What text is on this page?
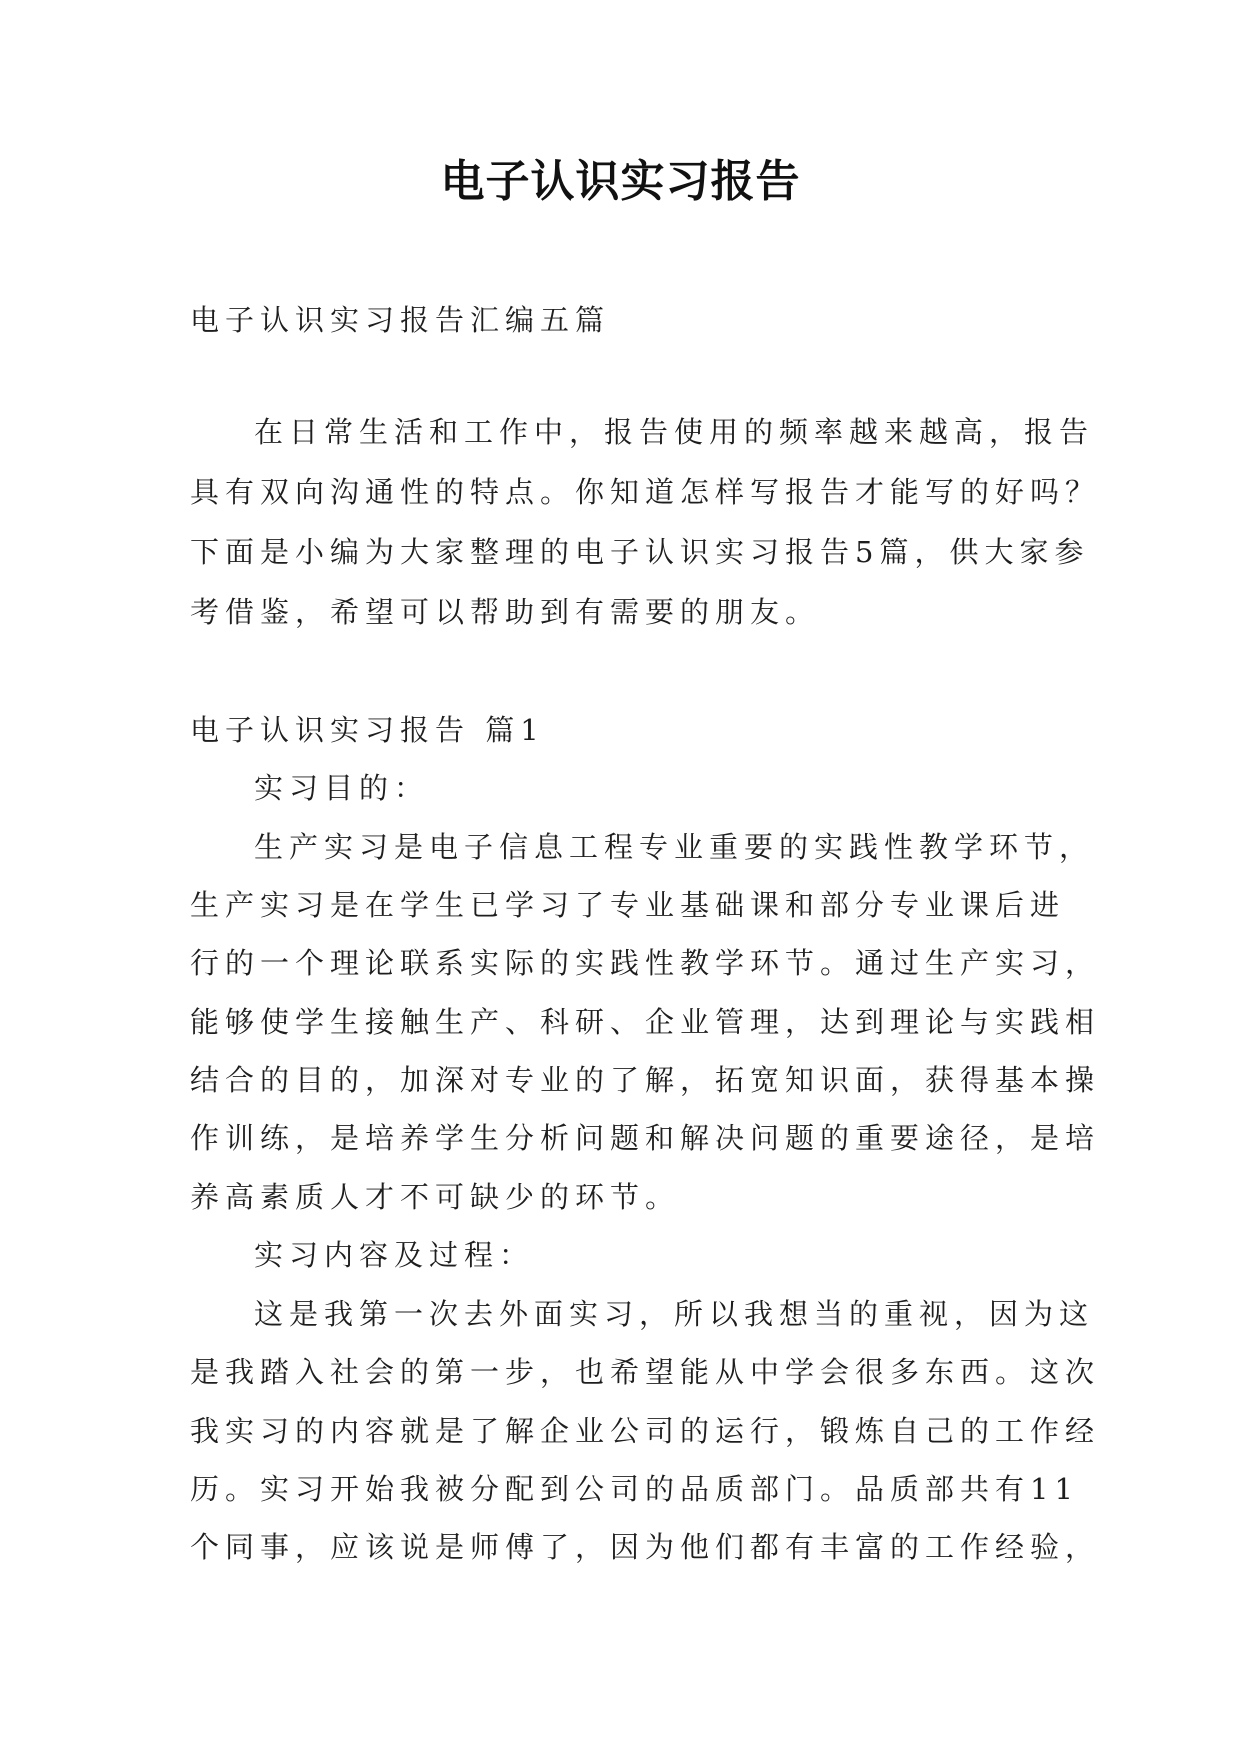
电子认识实习报告

电子认识实习报告汇编五篇

在日常生活和工作中，报告使用的频率越来越高，报告

具有双向沟通性的特点。你知道怎样写报告才能写的好吗？

下面是小编为大家整理的电子认识实习报告5篇，供大家参

考借鉴，希望可以帮助到有需要的朋友。

电子认识实习报告 篇1

实习目的：

生产实习是电子信息工程专业重要的实践性教学环节，

生产实习是在学生已学习了专业基础课和部分专业课后进

行的一个理论联系实际的实践性教学环节。通过生产实习，

能够使学生接触生产、科研、企业管理，达到理论与实践相

结合的目的，加深对专业的了解，拓宽知识面，获得基本操

作训练，是培养学生分析问题和解决问题的重要途径，是培

养高素质人才不可缺少的环节。

实习内容及过程：

这是我第一次去外面实习，所以我想当的重视，因为这

是我踏入社会的第一步，也希望能从中学会很多东西。这次

我实习的内容就是了解企业公司的运行，锻炼自己的工作经

历。实习开始我被分配到公司的品质部门。品质部共有11

个同事，应该说是师傅了，因为他们都有丰富的工作经验，
